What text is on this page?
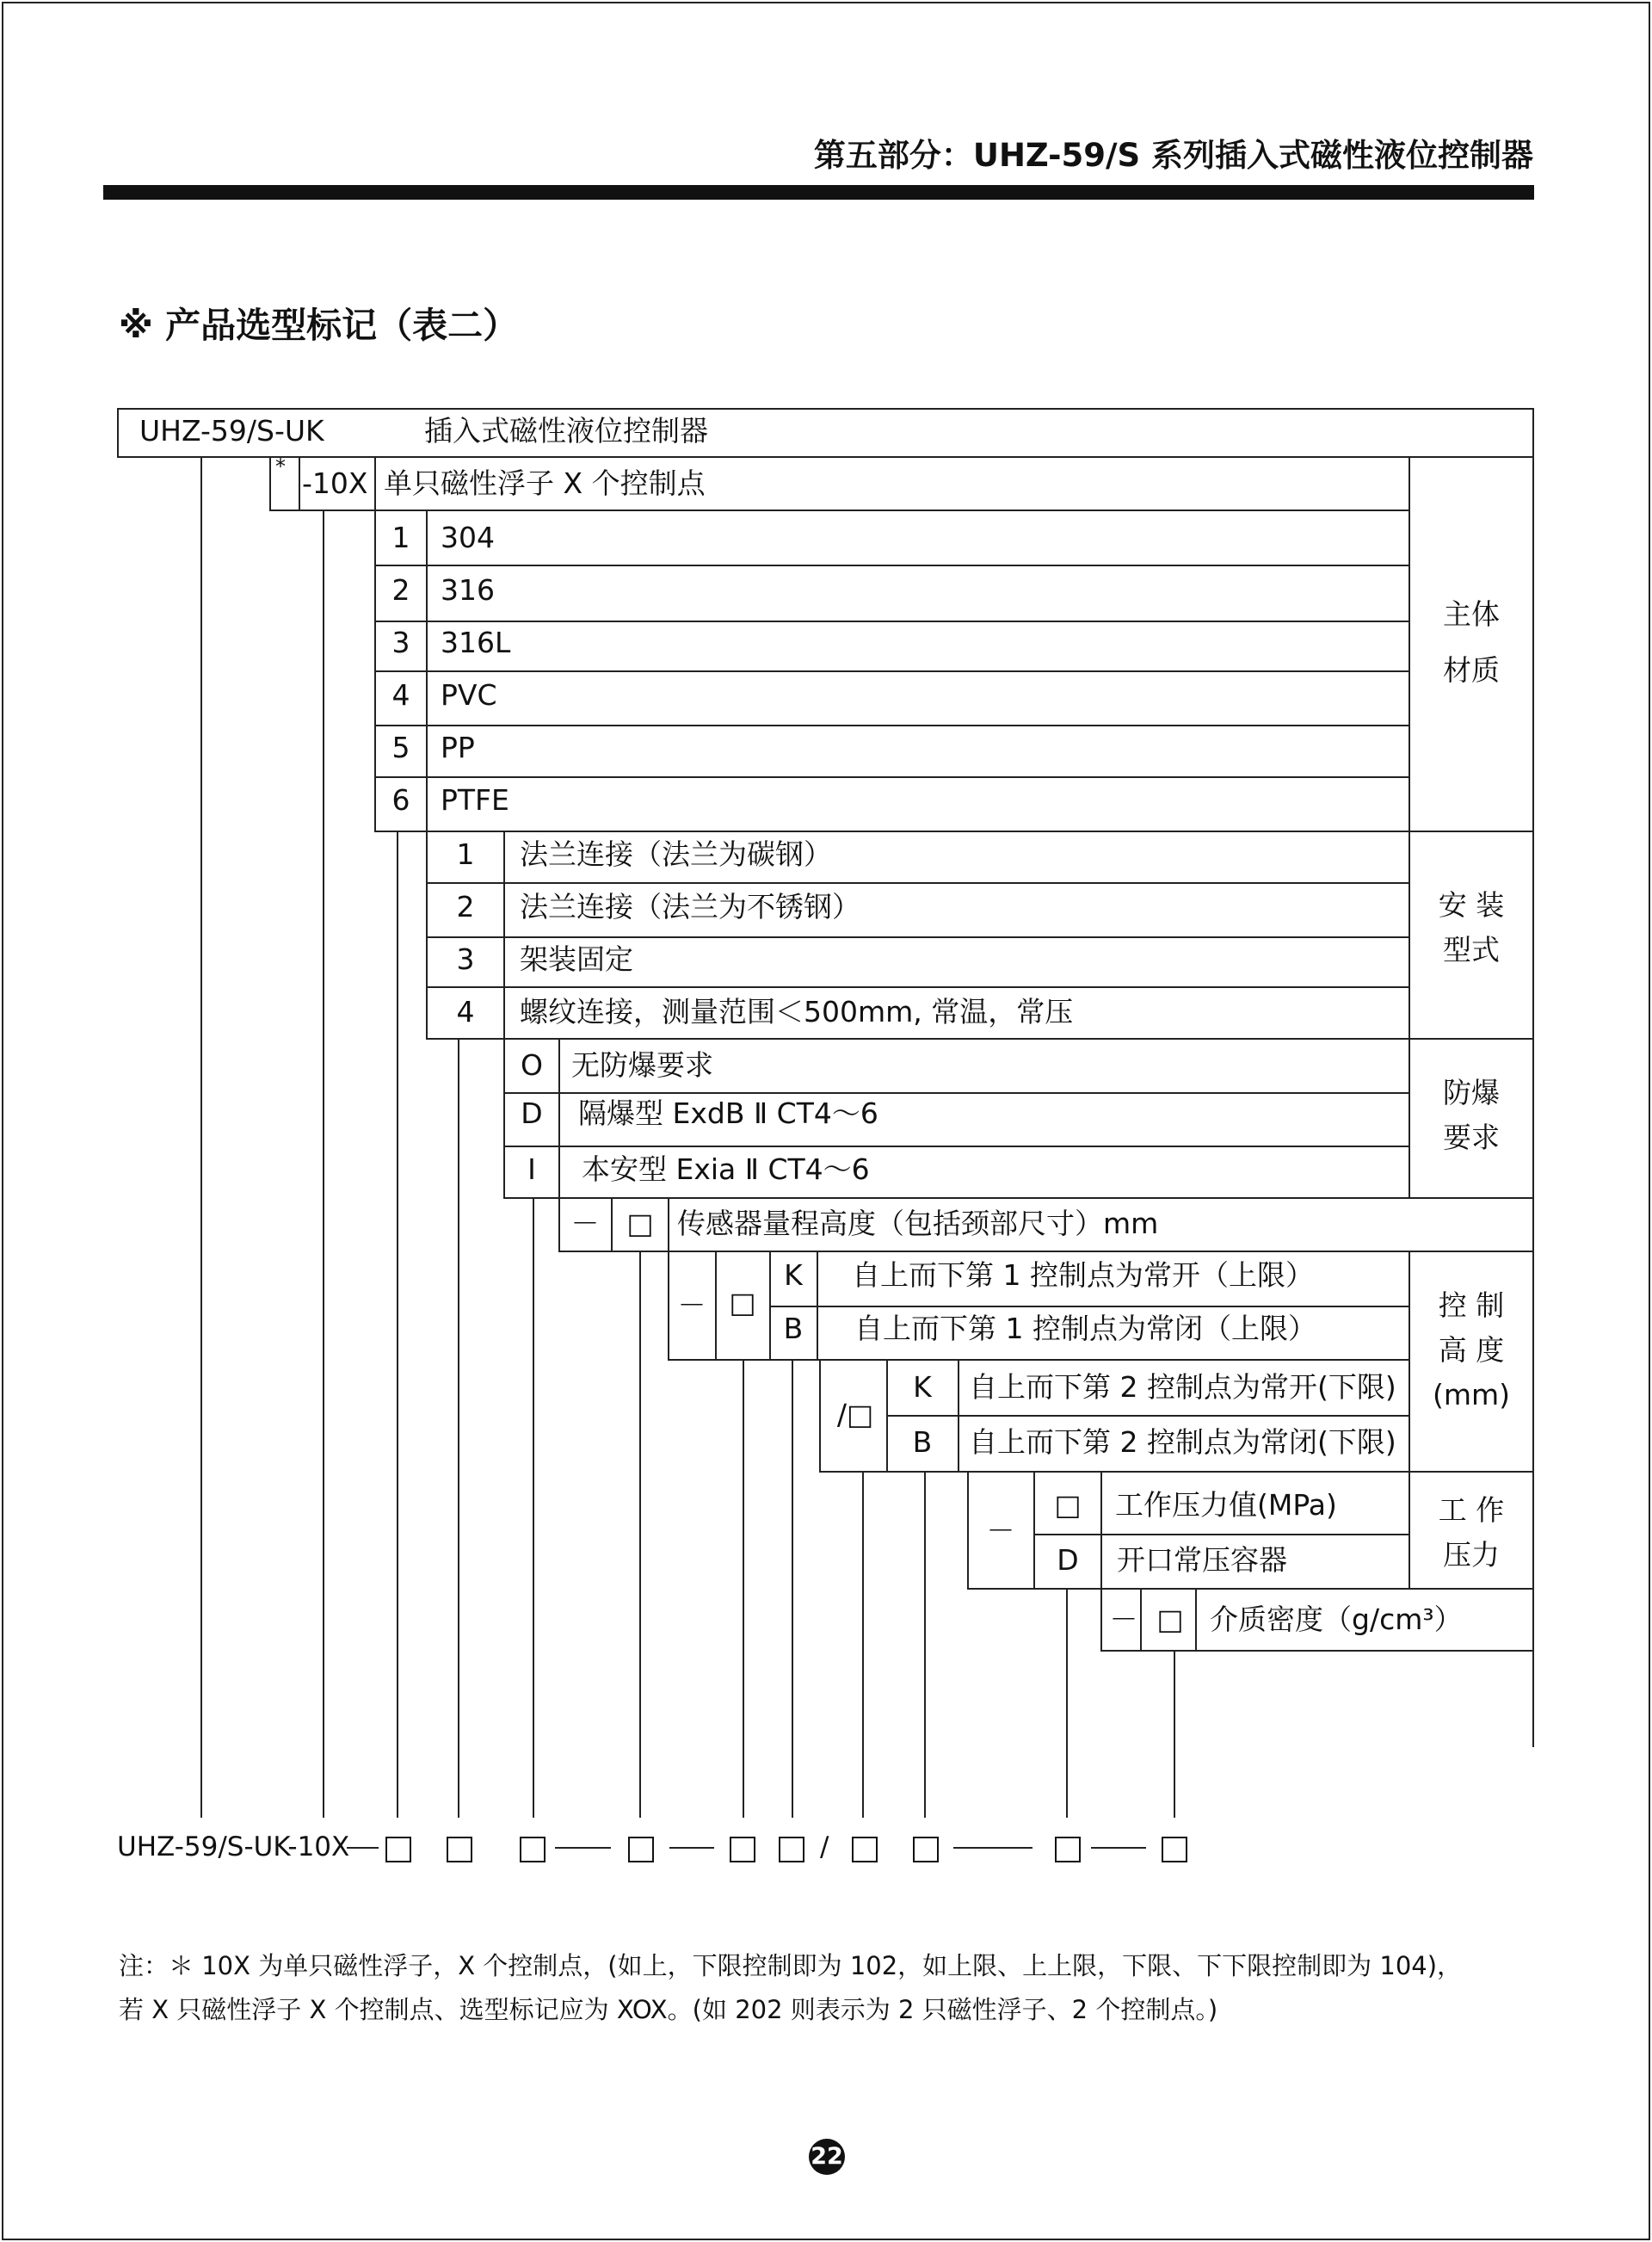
第五部分：UHZ-59/S 系列插入式磁性液位控制器
※ 产品选型标记（表二）
UHZ-59/S-UK	插入式磁性液位控制器
* -10X 单只磁性浮子 X 个控制点
1 304
2 316
3 316L
4 PVC
5 PP
6 PTFE
主体
材质
1 法兰连接（法兰为碳钢）
2 法兰连接（法兰为不锈钢）
3 架装固定
4 螺纹连接，测量范围＜500mm, 常温，常压
安 装
型式
O 无防爆要求
D 隔爆型 ExdB Ⅱ CT4～6
I 本安型 Exia Ⅱ CT4～6
防爆
要求
－ □ 传感器量程高度（包括颈部尺寸）mm
－ □
K 自上而下第 1 控制点为常开（上限）
B 自上而下第 1 控制点为常闭（上限）
/□
K 自上而下第 2 控制点为常开(下限)
B 自上而下第 2 控制点为常闭(下限)
控 制
高 度
(mm)
－
□ 工作压力值(MPa)
D 开口常压容器
工 作
压力
－ □ 介质密度（g/cm³）
UHZ-59/S-UK-10X	/
注：＊ 10X 为单只磁性浮子，X 个控制点，(如上，下限控制即为 102，如上限、上上限，下限、下下限控制即为 104)，
若 X 只磁性浮子 X 个控制点、选型标记应为 XOX。(如 202 则表示为 2 只磁性浮子、2 个控制点。)
22
